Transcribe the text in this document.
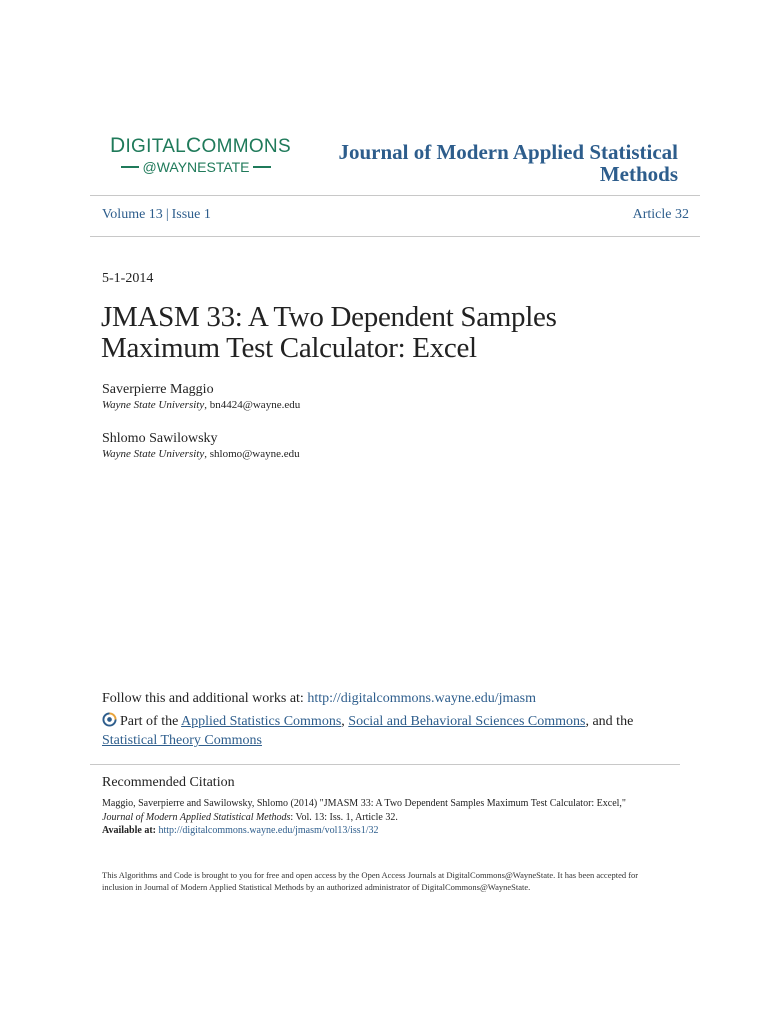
DIGITALCOMMONS
@WAYNESTATE
Journal of Modern Applied Statistical Methods
Volume 13 | Issue 1	Article 32
5-1-2014
JMASM 33: A Two Dependent Samples Maximum Test Calculator: Excel
Saverpierre Maggio
Wayne State University, bn4424@wayne.edu
Shlomo Sawilowsky
Wayne State University, shlomo@wayne.edu
Follow this and additional works at: http://digitalcommons.wayne.edu/jmasm
Part of the Applied Statistics Commons, Social and Behavioral Sciences Commons, and the
Statistical Theory Commons
Recommended Citation
Maggio, Saverpierre and Sawilowsky, Shlomo (2014) "JMASM 33: A Two Dependent Samples Maximum Test Calculator: Excel,"
Journal of Modern Applied Statistical Methods: Vol. 13: Iss. 1, Article 32.
Available at: http://digitalcommons.wayne.edu/jmasm/vol13/iss1/32
This Algorithms and Code is brought to you for free and open access by the Open Access Journals at DigitalCommons@WayneState. It has been accepted for inclusion in Journal of Modern Applied Statistical Methods by an authorized administrator of DigitalCommons@WayneState.
